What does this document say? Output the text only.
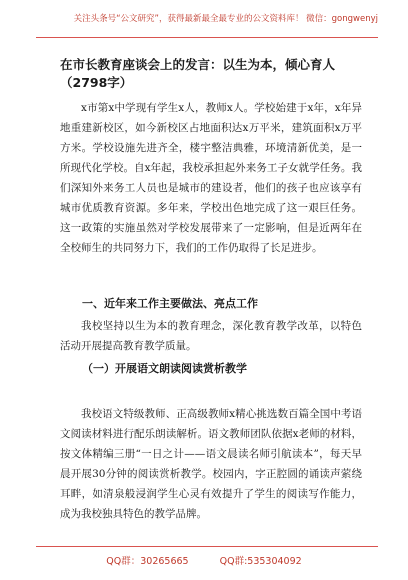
关注头条号“公文研究”，获得最新最全最专业的公文资料库！ 微信：gongwenyj
在市长教育座谈会上的发言：以生为本，倾心育人（2798字）

x市第x中学现有学生x人，教师x人。学校始建于x年，x年异地重建新校区，如今新校区占地面积达x万平米，建筑面积x万平方米。学校设施先进齐全，楼宇整洁典雅，环境清新优美，是一所现代化学校。自x年起，我校承担起外来务工子女就学任务。我们深知外来务工人员也是城市的建设者，他们的孩子也应该享有城市优质教育资源。多年来，学校出色地完成了这一艰巨任务。这一政策的实施虽然对学校发展带来了一定影响，但是近两年在全校师生的共同努力下，我们的工作仍取得了长足进步。

一、近年来工作主要做法、亮点工作

我校坚持以生为本的教育理念，深化教育教学改革，以特色活动开展提高教育教学质量。

（一）开展语文朗读阅读赏析教学

我校语文特级教师、正高级教师x精心挑选数百篇全国中考语文阅读材料进行配乐朗读解析。语文教师团队依据x老师的材料，按文体精编三册“一日之计——语文晨读名师引航读本”，每天早晨开展30分钟的阅读赏析教学。校园内，字正腔圆的诵读声萦绕耳畔，如清泉般浸润学生心灵有效提升了学生的阅读写作能力，成为我校独具特色的教学品牌。

QQ群：30265665	QQ群:535304092
